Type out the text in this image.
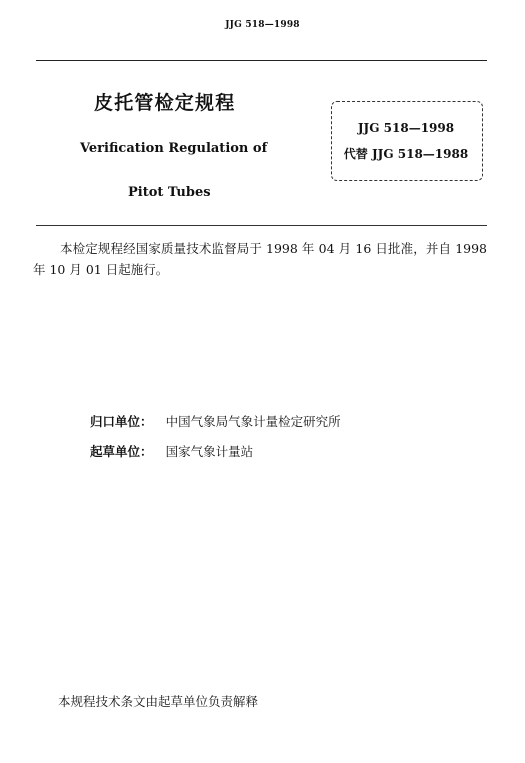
JJG 518—1998
皮托管检定规程
Verification Regulation of
Pitot Tubes
JJG 518—1998
代替 JJG 518—1988
本检定规程经国家质量技术监督局于 1998 年 04 月 16 日批准，并自 1998 年 10 月 01 日起施行。
归口单位： 中国气象局气象计量检定研究所
起草单位： 国家气象计量站
本规程技术条文由起草单位负责解释
